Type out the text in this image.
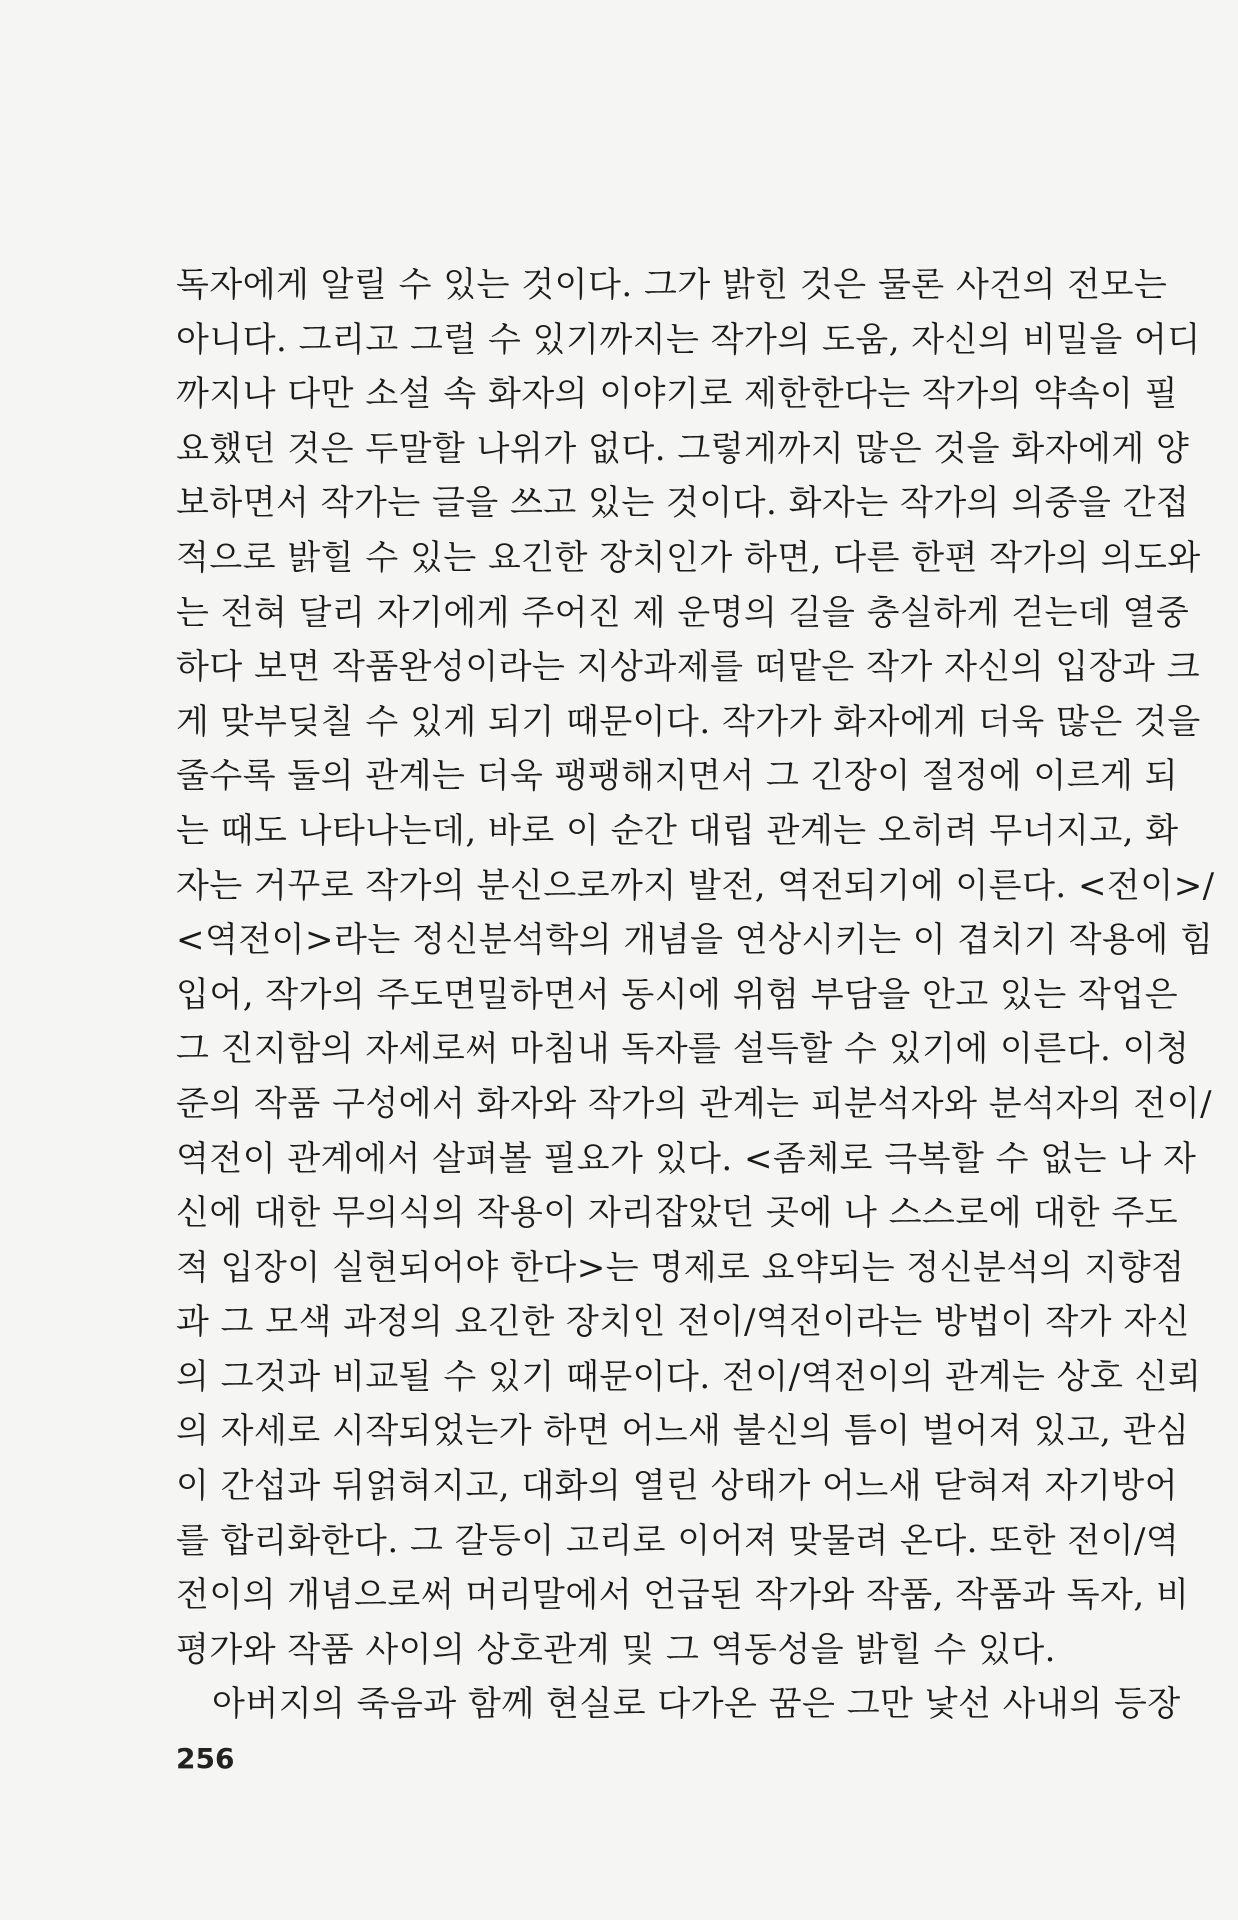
독자에게 알릴 수 있는 것이다. 그가 밝힌 것은 물론 사건의 전모는
아니다. 그리고 그럴 수 있기까지는 작가의 도움, 자신의 비밀을 어디
까지나 다만 소설 속 화자의 이야기로 제한한다는 작가의 약속이 필
요했던 것은 두말할 나위가 없다. 그렇게까지 많은 것을 화자에게 양
보하면서 작가는 글을 쓰고 있는 것이다. 화자는 작가의 의중을 간접
적으로 밝힐 수 있는 요긴한 장치인가 하면, 다른 한편 작가의 의도와
는 전혀 달리 자기에게 주어진 제 운명의 길을 충실하게 걷는데 열중
하다 보면 작품완성이라는 지상과제를 떠맡은 작가 자신의 입장과 크
게 맞부딪칠 수 있게 되기 때문이다. 작가가 화자에게 더욱 많은 것을
줄수록 둘의 관계는 더욱 팽팽해지면서 그 긴장이 절정에 이르게 되
는 때도 나타나는데, 바로 이 순간 대립 관계는 오히려 무너지고, 화
자는 거꾸로 작가의 분신으로까지 발전, 역전되기에 이른다. <전이>/
<역전이>라는 정신분석학의 개념을 연상시키는 이 겹치기 작용에 힘
입어, 작가의 주도면밀하면서 동시에 위험 부담을 안고 있는 작업은
그 진지함의 자세로써 마침내 독자를 설득할 수 있기에 이른다. 이청
준의 작품 구성에서 화자와 작가의 관계는 피분석자와 분석자의 전이/
역전이 관계에서 살펴볼 필요가 있다. <좀체로 극복할 수 없는 나 자
신에 대한 무의식의 작용이 자리잡았던 곳에 나 스스로에 대한 주도
적 입장이 실현되어야 한다>는 명제로 요약되는 정신분석의 지향점
과 그 모색 과정의 요긴한 장치인 전이/역전이라는 방법이 작가 자신
의 그것과 비교될 수 있기 때문이다. 전이/역전이의 관계는 상호 신뢰
의 자세로 시작되었는가 하면 어느새 불신의 틈이 벌어져 있고, 관심
이 간섭과 뒤얽혀지고, 대화의 열린 상태가 어느새 닫혀져 자기방어
를 합리화한다. 그 갈등이 고리로 이어져 맞물려 온다. 또한 전이/역
전이의 개념으로써 머리말에서 언급된 작가와 작품, 작품과 독자, 비
평가와 작품 사이의 상호관계 및 그 역동성을 밝힐 수 있다.
아버지의 죽음과 함께 현실로 다가온 꿈은 그만 낯선 사내의 등장
256
